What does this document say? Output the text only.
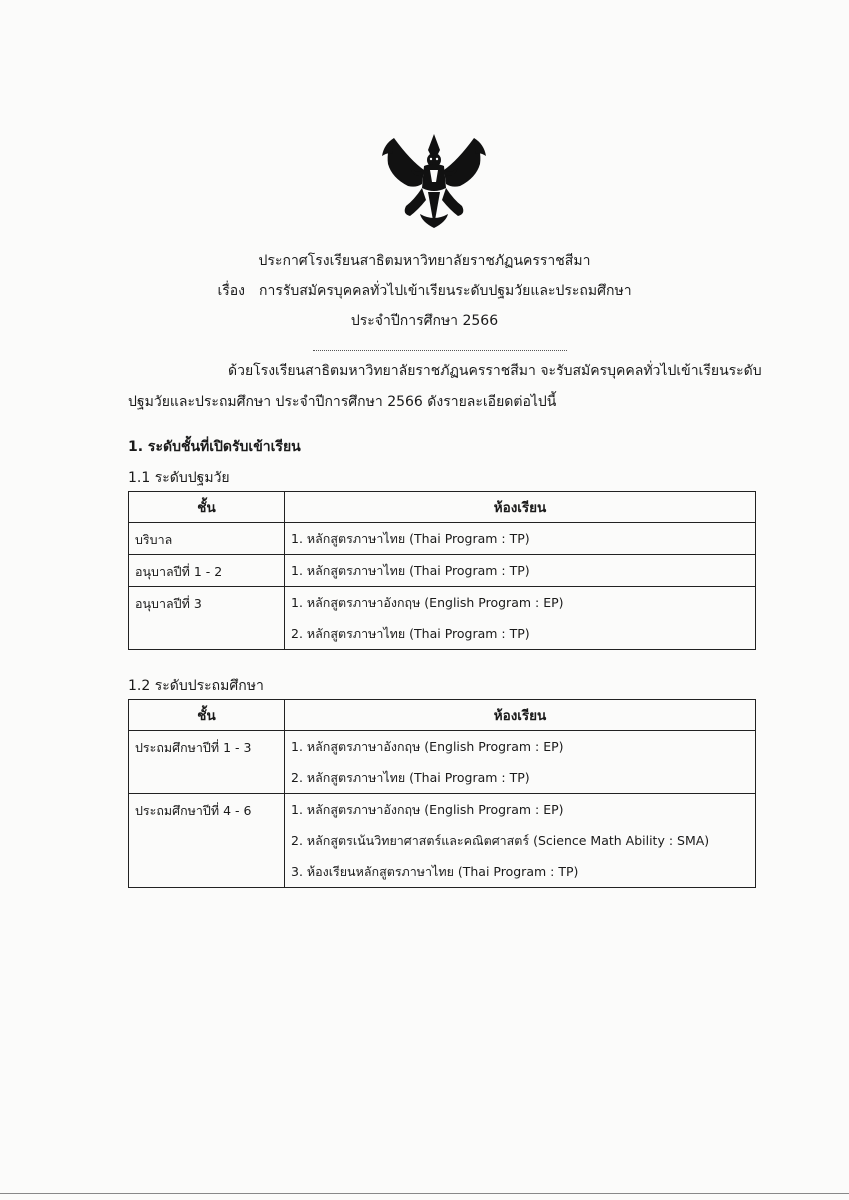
ประกาศโรงเรียนสาธิตมหาวิทยาลัยราชภัฏนครราชสีมา
เรื่อง การรับสมัครบุคคลทั่วไปเข้าเรียนระดับปฐมวัยและประถมศึกษา
ประจำปีการศึกษา 2566
ด้วยโรงเรียนสาธิตมหาวิทยาลัยราชภัฏนครราชสีมา จะรับสมัครบุคคลทั่วไปเข้าเรียนระดับ
ปฐมวัยและประถมศึกษา ประจำปีการศึกษา 2566 ดังรายละเอียดต่อไปนี้
1. ระดับชั้นที่เปิดรับเข้าเรียน
1.1 ระดับปฐมวัย
ชั้น	ห้องเรียน

บริบาล	1. หลักสูตรภาษาไทย (Thai Program : TP)

อนุบาลปีที่ 1 - 2	1. หลักสูตรภาษาไทย (Thai Program : TP)

อนุบาลปีที่ 3	1. หลักสูตรภาษาอังกฤษ (English Program : EP)
2. หลักสูตรภาษาไทย (Thai Program : TP)
1.2 ระดับประถมศึกษา
ชั้น	ห้องเรียน

ประถมศึกษาปีที่ 1 - 3	1. หลักสูตรภาษาอังกฤษ (English Program : EP)
2. หลักสูตรภาษาไทย (Thai Program : TP)

ประถมศึกษาปีที่ 4 - 6	1. หลักสูตรภาษาอังกฤษ (English Program : EP)
2. หลักสูตรเน้นวิทยาศาสตร์และคณิตศาสตร์ (Science Math Ability : SMA)
3. ห้องเรียนหลักสูตรภาษาไทย (Thai Program : TP)
